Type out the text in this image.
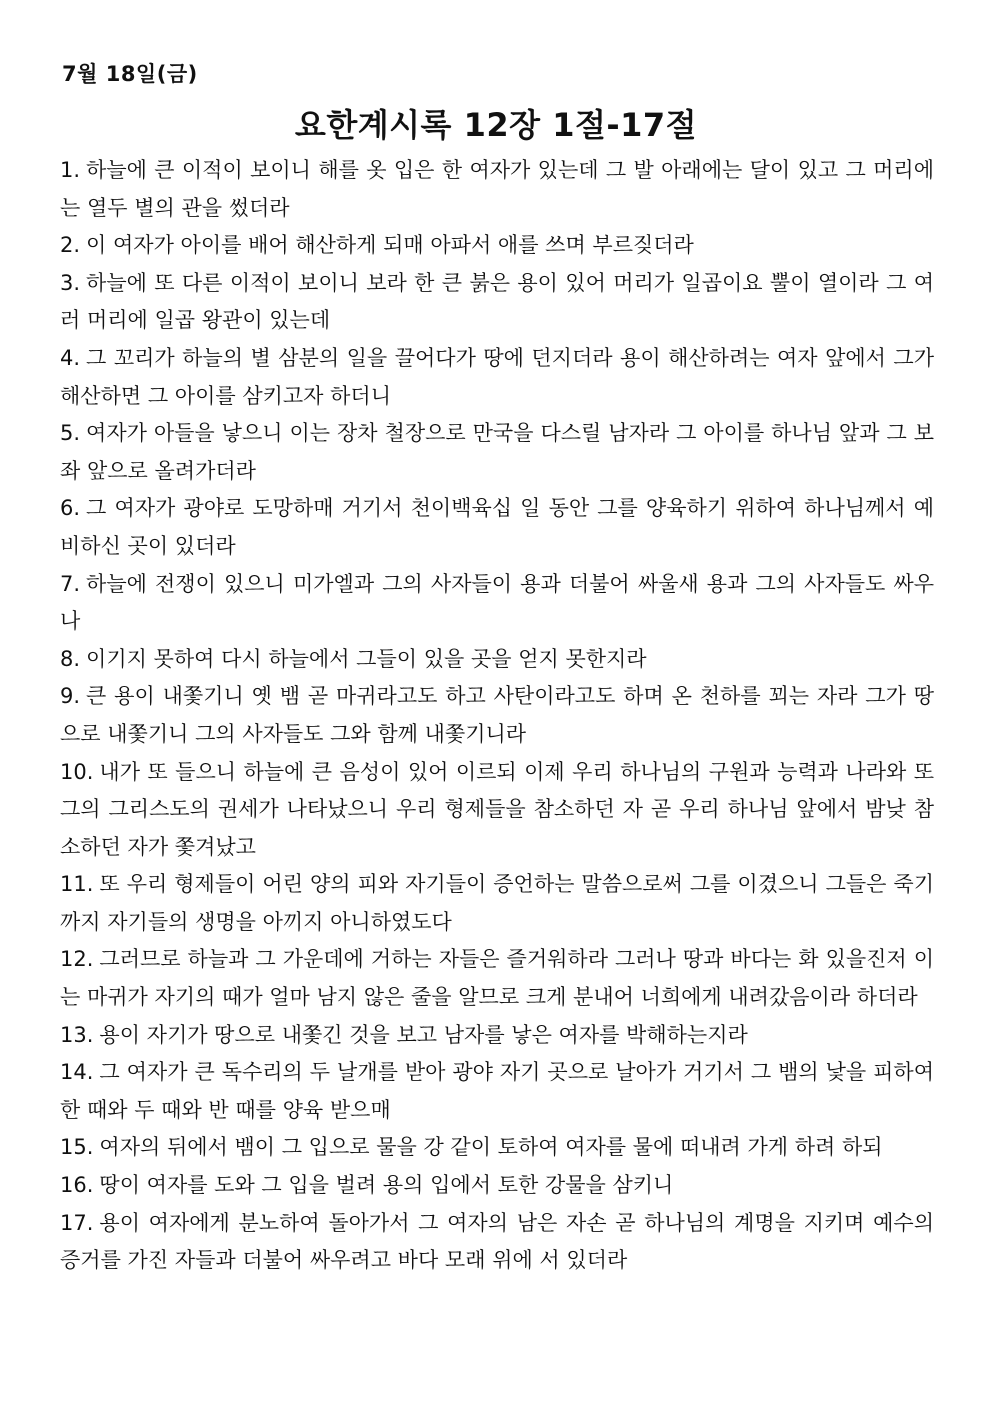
7월 18일(금)
요한계시록 12장 1절-17절
1. 하늘에 큰 이적이 보이니 해를 옷 입은 한 여자가 있는데 그 발 아래에는 달이 있고 그 머리에는 열두 별의 관을 썼더라
2. 이 여자가 아이를 배어 해산하게 되매 아파서 애를 쓰며 부르짖더라
3. 하늘에 또 다른 이적이 보이니 보라 한 큰 붉은 용이 있어 머리가 일곱이요 뿔이 열이라 그 여러 머리에 일곱 왕관이 있는데
4. 그 꼬리가 하늘의 별 삼분의 일을 끌어다가 땅에 던지더라 용이 해산하려는 여자 앞에서 그가 해산하면 그 아이를 삼키고자 하더니
5. 여자가 아들을 낳으니 이는 장차 철장으로 만국을 다스릴 남자라 그 아이를 하나님 앞과 그 보좌 앞으로 올려가더라
6. 그 여자가 광야로 도망하매 거기서 천이백육십 일 동안 그를 양육하기 위하여 하나님께서 예비하신 곳이 있더라
7. 하늘에 전쟁이 있으니 미가엘과 그의 사자들이 용과 더불어 싸울새 용과 그의 사자들도 싸우나
8. 이기지 못하여 다시 하늘에서 그들이 있을 곳을 얻지 못한지라
9. 큰 용이 내쫓기니 옛 뱀 곧 마귀라고도 하고 사탄이라고도 하며 온 천하를 꾀는 자라 그가 땅으로 내쫓기니 그의 사자들도 그와 함께 내쫓기니라
10. 내가 또 들으니 하늘에 큰 음성이 있어 이르되 이제 우리 하나님의 구원과 능력과 나라와 또 그의 그리스도의 권세가 나타났으니 우리 형제들을 참소하던 자 곧 우리 하나님 앞에서 밤낮 참소하던 자가 쫓겨났고
11. 또 우리 형제들이 어린 양의 피와 자기들이 증언하는 말씀으로써 그를 이겼으니 그들은 죽기까지 자기들의 생명을 아끼지 아니하였도다
12. 그러므로 하늘과 그 가운데에 거하는 자들은 즐거워하라 그러나 땅과 바다는 화 있을진저 이는 마귀가 자기의 때가 얼마 남지 않은 줄을 알므로 크게 분내어 너희에게 내려갔음이라 하더라
13. 용이 자기가 땅으로 내쫓긴 것을 보고 남자를 낳은 여자를 박해하는지라
14. 그 여자가 큰 독수리의 두 날개를 받아 광야 자기 곳으로 날아가 거기서 그 뱀의 낯을 피하여 한 때와 두 때와 반 때를 양육 받으매
15. 여자의 뒤에서 뱀이 그 입으로 물을 강 같이 토하여 여자를 물에 떠내려 가게 하려 하되
16. 땅이 여자를 도와 그 입을 벌려 용의 입에서 토한 강물을 삼키니
17. 용이 여자에게 분노하여 돌아가서 그 여자의 남은 자손 곧 하나님의 계명을 지키며 예수의 증거를 가진 자들과 더불어 싸우려고 바다 모래 위에 서 있더라
